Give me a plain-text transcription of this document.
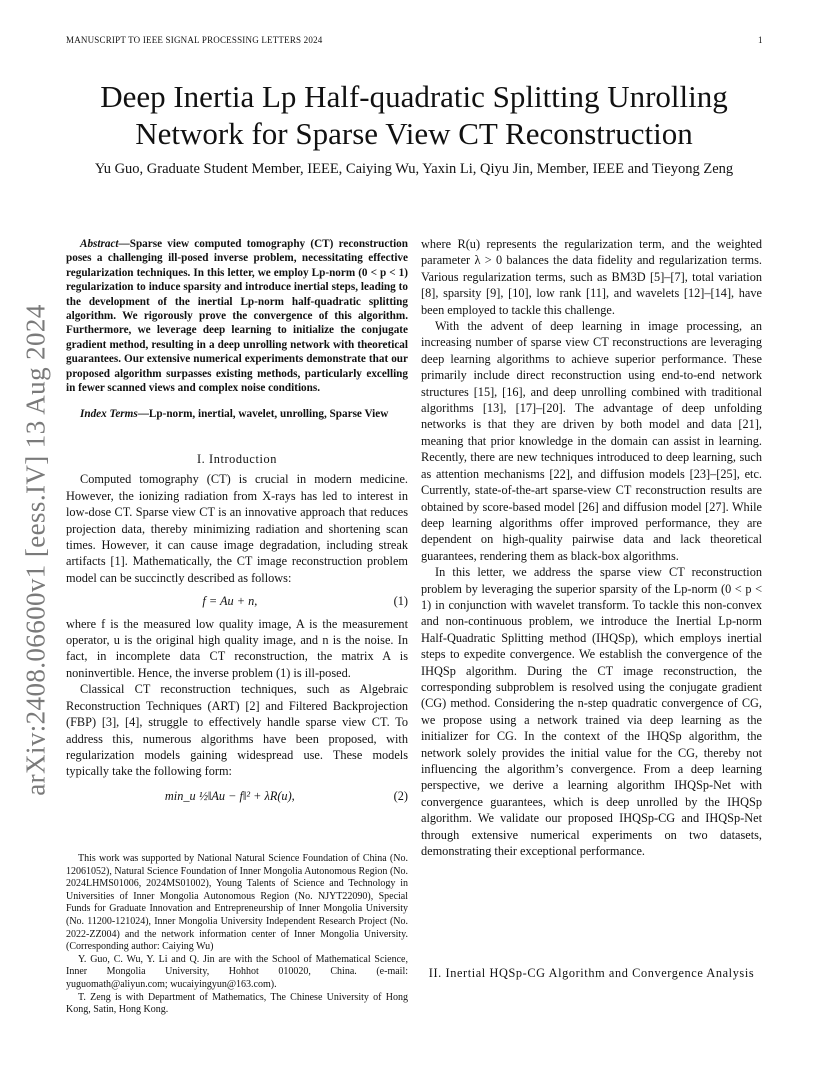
MANUSCRIPT TO IEEE SIGNAL PROCESSING LETTERS 2024	1
Deep Inertia Lp Half-quadratic Splitting Unrolling
Network for Sparse View CT Reconstruction
Yu Guo, Graduate Student Member, IEEE, Caiying Wu, Yaxin Li, Qiyu Jin, Member, IEEE and Tieyong Zeng
arXiv:2408.06600v1 [eess.IV] 13 Aug 2024

Abstract—Sparse view computed tomography (CT) reconstruction poses a challenging ill-posed inverse problem, necessitating effective regularization techniques. In this letter, we employ Lp-norm (0 < p < 1) regularization to induce sparsity and introduce inertial steps, leading to the development of the inertial Lp-norm half-quadratic splitting algorithm. We rigorously prove the convergence of this algorithm. Furthermore, we leverage deep learning to initialize the conjugate gradient method, resulting in a deep unrolling network with theoretical guarantees. Our extensive numerical experiments demonstrate that our proposed algorithm surpasses existing methods, particularly excelling in fewer scanned views and complex noise conditions.

Index Terms—Lp-norm, inertial, wavelet, unrolling, Sparse View

I. Introduction

Computed tomography (CT) is crucial in modern medicine. However, the ionizing radiation from X-rays has led to interest in low-dose CT. Sparse view CT is an innovative approach that reduces projection data, thereby minimizing radiation and shortening scan times. However, it can cause image degradation, including streak artifacts [1]. Mathematically, the CT image reconstruction problem model can be succinctly described as follows:

f = Au + n,	(1)

where f is the measured low quality image, A is the measurement operator, u is the original high quality image, and n is the noise. In fact, in incomplete data CT reconstruction, the matrix A is noninvertible. Hence, the inverse problem (1) is ill-posed.

Classical CT reconstruction techniques, such as Algebraic Reconstruction Techniques (ART) [2] and Filtered Backprojection (FBP) [3], [4], struggle to effectively handle sparse view CT. To address this, numerous algorithms have been proposed, with regularization models gaining widespread use. These models typically take the following form:

min_u ½‖Au − f‖² + λR(u),	(2)

This work was supported by National Natural Science Foundation of China (No. 12061052), Natural Science Foundation of Inner Mongolia Autonomous Region (No. 2024LHMS01006, 2024MS01002), Young Talents of Science and Technology in Universities of Inner Mongolia Autonomous Region (No. NJYT22090), Special Funds for Graduate Innovation and Entrepreneurship of Inner Mongolia University (No. 11200-121024), Inner Mongolia University Independent Research Project (No. 2022-ZZ004) and the network information center of Inner Mongolia University. (Corresponding author: Caiying Wu)

Y. Guo, C. Wu, Y. Li and Q. Jin are with the School of Mathematical Science, Inner Mongolia University, Hohhot 010020, China. (e-mail: yuguomath@aliyun.com; wucaiyingyun@163.com).

T. Zeng is with Department of Mathematics, The Chinese University of Hong Kong, Satin, Hong Kong.

where R(u) represents the regularization term, and the weighted parameter λ > 0 balances the data fidelity and regularization terms. Various regularization terms, such as BM3D [5]–[7], total variation [8], sparsity [9], [10], low rank [11], and wavelets [12]–[14], have been employed to tackle this challenge.

With the advent of deep learning in image processing, an increasing number of sparse view CT reconstructions are leveraging deep learning algorithms to achieve superior performance. These primarily include direct reconstruction using end-to-end network structures [15], [16], and deep unrolling combined with traditional algorithms [13], [17]–[20]. The advantage of deep unfolding networks is that they are driven by both model and data [21], meaning that prior knowledge in the domain can assist in learning. Recently, there are new techniques introduced to deep learning, such as attention mechanisms [22], and diffusion models [23]–[25], etc. Currently, state-of-the-art sparse-view CT reconstruction results are obtained by score-based model [26] and diffusion model [27]. While deep learning algorithms offer improved performance, they are dependent on high-quality pairwise data and lack theoretical guarantees, rendering them as black-box algorithms.

In this letter, we address the sparse view CT reconstruction problem by leveraging the superior sparsity of the Lp-norm (0 < p < 1) in conjunction with wavelet transform. To tackle this non-convex and non-continuous problem, we introduce the Inertial Lp-norm Half-Quadratic Splitting method (IHQSp), which employs inertial steps to expedite convergence. We establish the convergence of the IHQSp algorithm. During the CT image reconstruction, the corresponding subproblem is resolved using the conjugate gradient (CG) method. Considering the n-step quadratic convergence of CG, we propose using a network trained via deep learning as the initializer for CG. In the context of the IHQSp algorithm, the network solely provides the initial value for the CG, thereby not influencing the algorithm’s convergence. From a deep learning perspective, we derive a learning algorithm IHQSp-Net with convergence guarantees, which is deep unrolled by the IHQSp algorithm. We validate our proposed IHQSp-CG and IHQSp-Net through extensive numerical experiments on two datasets, demonstrating their exceptional performance.

II. Inertial HQSp-CG Algorithm and Convergence Analysis
